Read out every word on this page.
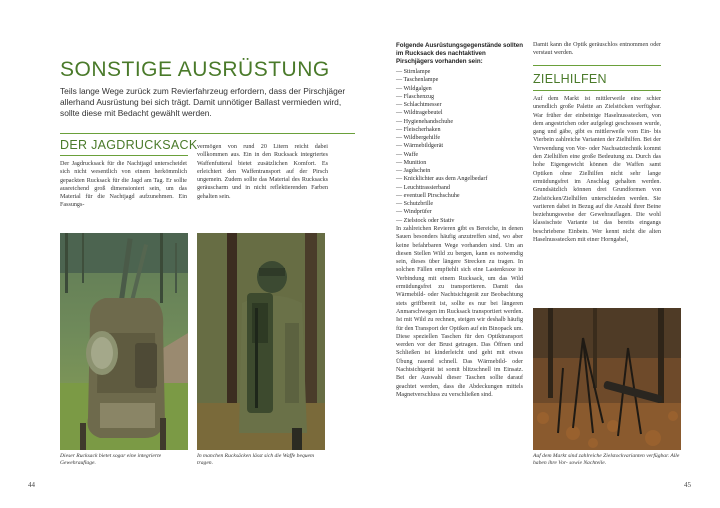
SONSTIGE AUSRÜSTUNG
Teils lange Wege zurück zum Revierfahrzeug erfordern, dass der Pirschjäger allerhand Ausrüstung bei sich trägt. Damit unnötiger Ballast vermieden wird, sollte diese mit Bedacht gewählt werden.
DER JAGDRUCKSACK
Der Jagdrucksack für die Nachtjagd unterscheidet sich nicht wesentlich von einem herkömmlich gepackten Rucksack für die Jagd am Tag. Er sollte ausreichend groß dimensioniert sein, um das Material für die Nachtjagd aufzunehmen. Ein Fassungs-
vermögen von rund 20 Litern reicht dabei vollkommen aus. Ein in den Rucksack integriertes Waffenfutteral bietet zusätzlichen Komfort. Es erleichtert den Waffentransport auf der Pirsch ungemein. Zudem sollte das Material des Rucksacks geräuscharm und in nicht reflektierenden Farben gehalten sein.
Dieser Rucksack bietet sogar eine integrierte Gewehrauflage.
In manchen Rucksäcken lässt sich die Waffe bequem tragen.
44
Folgende Ausrüstungsgegenstände sollten im Rucksack des nachtaktiven Pirschjägers vorhanden sein:
— Stirnlampe
— Taschenlampe
— Wildgalgen
— Flaschenzug
— Schlachtmesser
— Wildtragebeutel
— Hygienehandschuhe
— Fleischerhaken
— Wildbergehilfe
— Wärmebildgerät
— Waffe
— Munition
— Jagdschein
— Knicklichter aus dem Angelbedarf
— Leuchttrassierband
— eventuell Pirschschuhe
— Schutzbrille
— Windprüfer
— Zielstock oder Stativ
In zahlreichen Revieren gibt es Bereiche, in denen Sauen besonders häufig anzutreffen sind, wo aber keine befahrbaren Wege vorhanden sind. Um an diesen Stellen Wild zu bergen, kann es notwendig sein, dieses über längere Strecken zu tragen. In solchen Fällen empfiehlt sich eine Lastenkraxe in Verbindung mit einem Rucksack, um das Wild ermüdungsfrei zu transportieren. Damit das Wärmebild- oder Nachtsichtgerät zur Beobachtung stets griffbereit ist, sollte es nur bei längeren Anmarschwegen im Rucksack transportiert werden. Ist mit Wild zu rechnen, steigen wir deshalb häufig für den Transport der Optiken auf ein Binopack um. Diese speziellen Taschen für den Optiktransport werden vor der Brust getragen. Das Öffnen und Schließen ist kinderleicht und geht mit etwas Übung rasend schnell. Das Wärmebild- oder Nachtsichtgerät ist somit blitzschnell im Einsatz. Bei der Auswahl dieser Taschen sollte darauf geachtet werden, dass die Abdeckungen mittels Magnetverschluss zu verschließen sind.
Damit kann die Optik geräuschlos entnommen oder verstaut werden.
ZIELHILFEN
Auf dem Markt ist mittlerweile eine schier unendlich große Palette an Zielstöcken verfügbar. War früher der einbeinige Haselnussstecken, von dem angestrichen oder aufgelegt geschossen wurde, gang und gäbe, gibt es mittlerweile vom Ein- bis Vierbein zahlreiche Varianten der Zielhilfen. Bei der Verwendung von Vor- oder Nachsatztechnik kommt den Zielhilfen eine große Bedeutung zu. Durch das hohe Eigengewicht können die Waffen samt Optiken ohne Zielhilfen nicht sehr lange ermüdungsfrei im Anschlag gehalten werden. Grundsätzlich können drei Grundformen von Zielstöcken/Zielhilfen unterschieden werden. Sie variieren dabei in Bezug auf die Anzahl ihrer Beine beziehungsweise der Gewehrauflagen. Die wohl klassischste Variante ist das bereits eingangs beschriebene Einbein. Wer kennt nicht die alten Haselnussstecken mit einer Horngabel,
Auf dem Markt sind zahlreiche Zielstockvarianten verfügbar. Alle haben ihre Vor- sowie Nachteile.
45
